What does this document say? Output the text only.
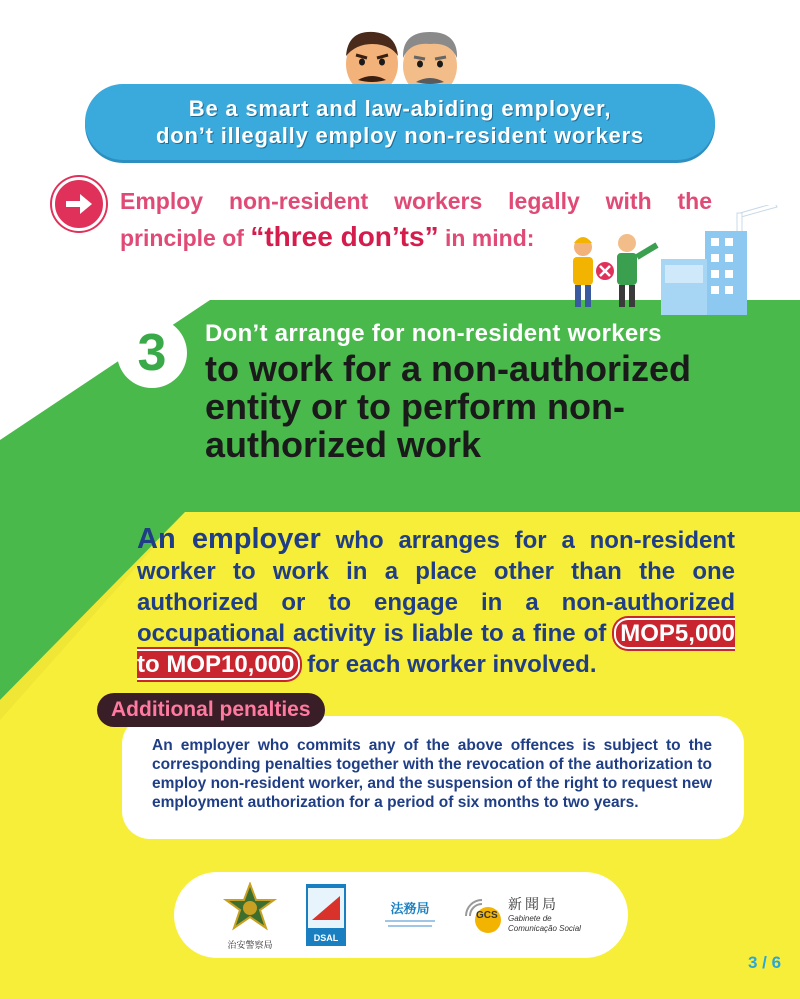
Be a smart and law-abiding employer,
don’t illegally employ non-resident workers
Employ non-resident workers legally with the principle of “three don’ts” in mind:
3 Don’t arrange for non-resident workers
to work for a non-authorized entity or to perform non-authorized work
An employer who arranges for a non-resident worker to work in a place other than the one authorized or to engage in a non-authorized occupational activity is liable to a fine of MOP5,000 to MOP10,000 for each worker involved.
Additional penalties
An employer who commits any of the above offences is subject to the corresponding penalties together with the revocation of the authorization to employ non-resident worker, and the suspension of the right to request new employment authorization for a period of six months to two years.
治安警察局
DSAL
法務局	GCS
新聞局
Gabinete de Comunicação Social
3 / 6
